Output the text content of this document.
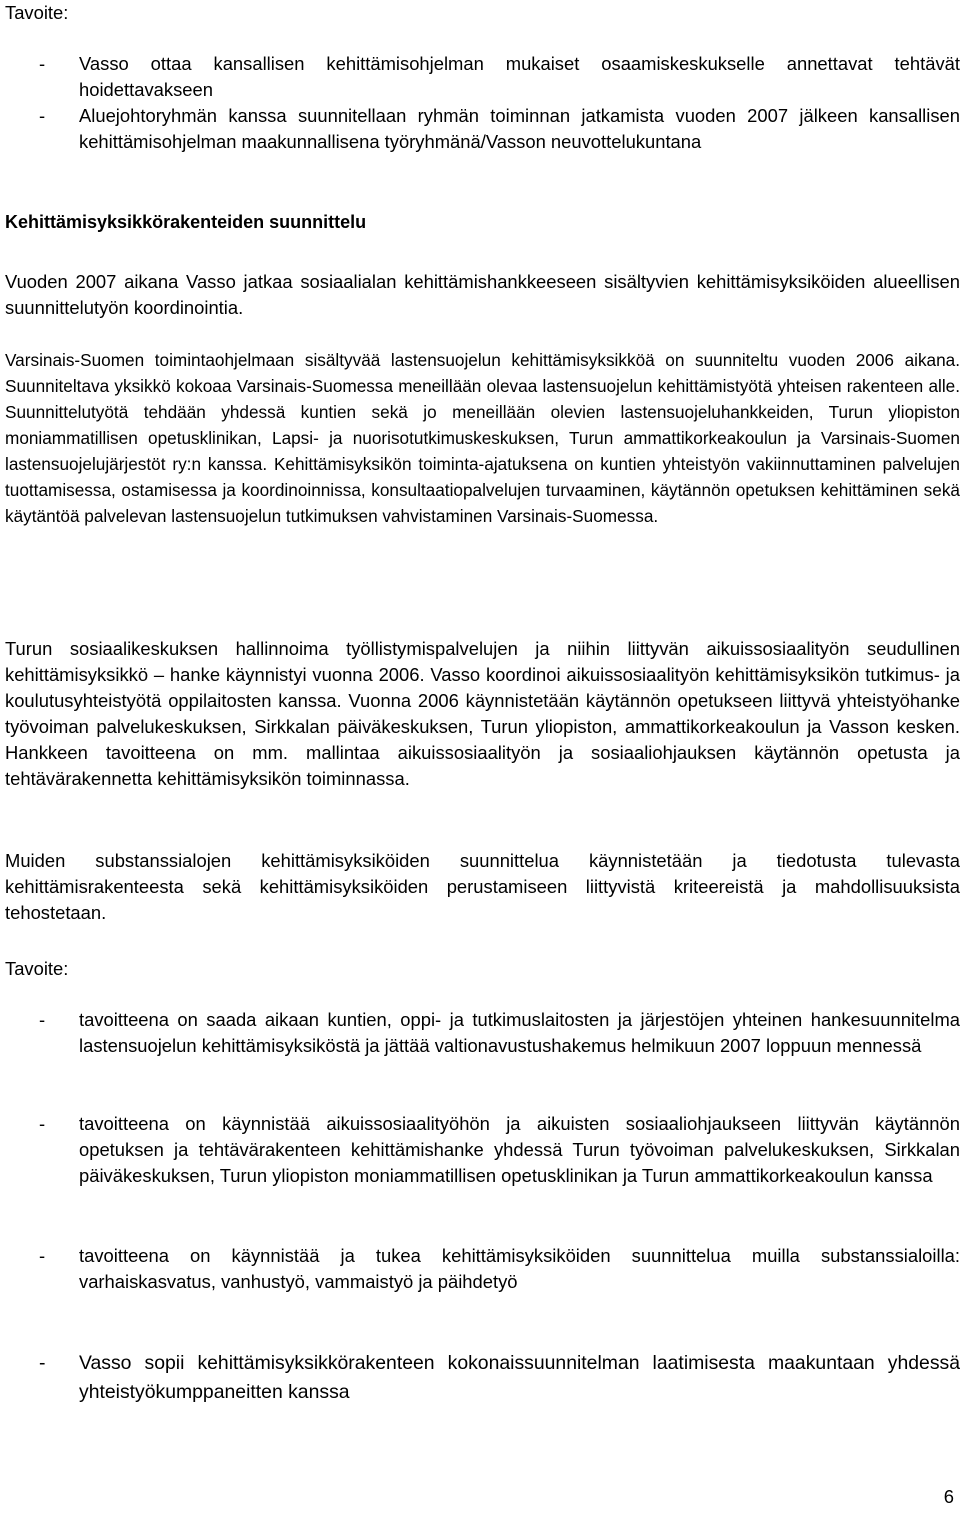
Tavoite:

- Vasso ottaa kansallisen kehittämisohjelman mukaiset osaamiskeskukselle annettavat tehtävät hoidettavakseen
- Aluejohtoryhmän kanssa suunnitellaan ryhmän toiminnan jatkamista vuoden 2007 jälkeen kansallisen kehittämisohjelman maakunnallisena työryhmänä/Vasson neuvottelukuntana

Kehittämisyksikkörakenteiden suunnittelu

Vuoden 2007 aikana Vasso jatkaa sosiaalialan kehittämishankkeeseen sisältyvien kehittämisyksiköiden alueellisen suunnittelutyön koordinointia.

Varsinais-Suomen toimintaohjelmaan sisältyvää lastensuojelun kehittämisyksikköä on suunniteltu vuoden 2006 aikana. Suunniteltava yksikkö kokoaa Varsinais-Suomessa meneillään olevaa lastensuojelun kehittämistyötä yhteisen rakenteen alle. Suunnittelutyötä tehdään yhdessä kuntien sekä jo meneillään olevien lastensuojeluhankkeiden, Turun yliopiston moniammatillisen opetusklinikan, Lapsi- ja nuorisotutkimuskeskuksen, Turun ammattikorkeakoulun ja Varsinais-Suomen lastensuojelujärjestöt ry:n kanssa. Kehittämisyksikön toiminta-ajatuksena on kuntien yhteistyön vakiinnuttaminen palvelujen tuottamisessa, ostamisessa ja koordinoinnissa, konsultaatiopalvelujen turvaaminen, käytännön opetuksen kehittäminen sekä käytäntöä palvelevan lastensuojelun tutkimuksen vahvistaminen Varsinais-Suomessa.

Turun sosiaalikeskuksen hallinnoima työllistymispalvelujen ja niihin liittyvän aikuissosiaalityön seudullinen kehittämisyksikkö – hanke käynnistyi vuonna 2006. Vasso koordinoi aikuissosiaalityön kehittämisyksikön tutkimus- ja koulutusyhteistyötä oppilaitosten kanssa. Vuonna 2006 käynnistetään käytännön opetukseen liittyvä yhteistyöhanke työvoiman palvelukeskuksen, Sirkkalan päiväkeskuksen, Turun yliopiston, ammattikorkeakoulun ja Vasson kesken. Hankkeen tavoitteena on mm. mallintaa aikuissosiaalityön ja sosiaaliohjauksen käytännön opetusta ja tehtävärakennetta kehittämisyksikön toiminnassa.

Muiden substanssialojen kehittämisyksiköiden suunnittelua käynnistetään ja tiedotusta tulevasta kehittämisrakenteesta sekä kehittämisyksiköiden perustamiseen liittyvistä kriteereistä ja mahdollisuuksista tehostetaan.

Tavoite:

- tavoitteena on saada aikaan kuntien, oppi- ja tutkimuslaitosten ja järjestöjen yhteinen hankesuunnitelma lastensuojelun kehittämisyksiköstä ja jättää valtionavustushakemus helmikuun 2007 loppuun mennessä
- tavoitteena on käynnistää aikuissosiaalityöhön ja aikuisten sosiaaliohjaukseen liittyvän käytännön opetuksen ja tehtävärakenteen kehittämishanke yhdessä Turun työvoiman palvelukeskuksen, Sirkkalan päiväkeskuksen, Turun yliopiston moniammatillisen opetusklinikan ja Turun ammattikorkeakoulun kanssa
- tavoitteena on käynnistää ja tukea kehittämisyksiköiden suunnittelua muilla substanssialoilla: varhaiskasvatus, vanhustyö, vammaistyö ja päihdetyö
- Vasso sopii kehittämisyksikkörakenteen kokonaissuunnitelman laatimisesta maakuntaan yhdessä yhteistyökumppaneitten kanssa
6
